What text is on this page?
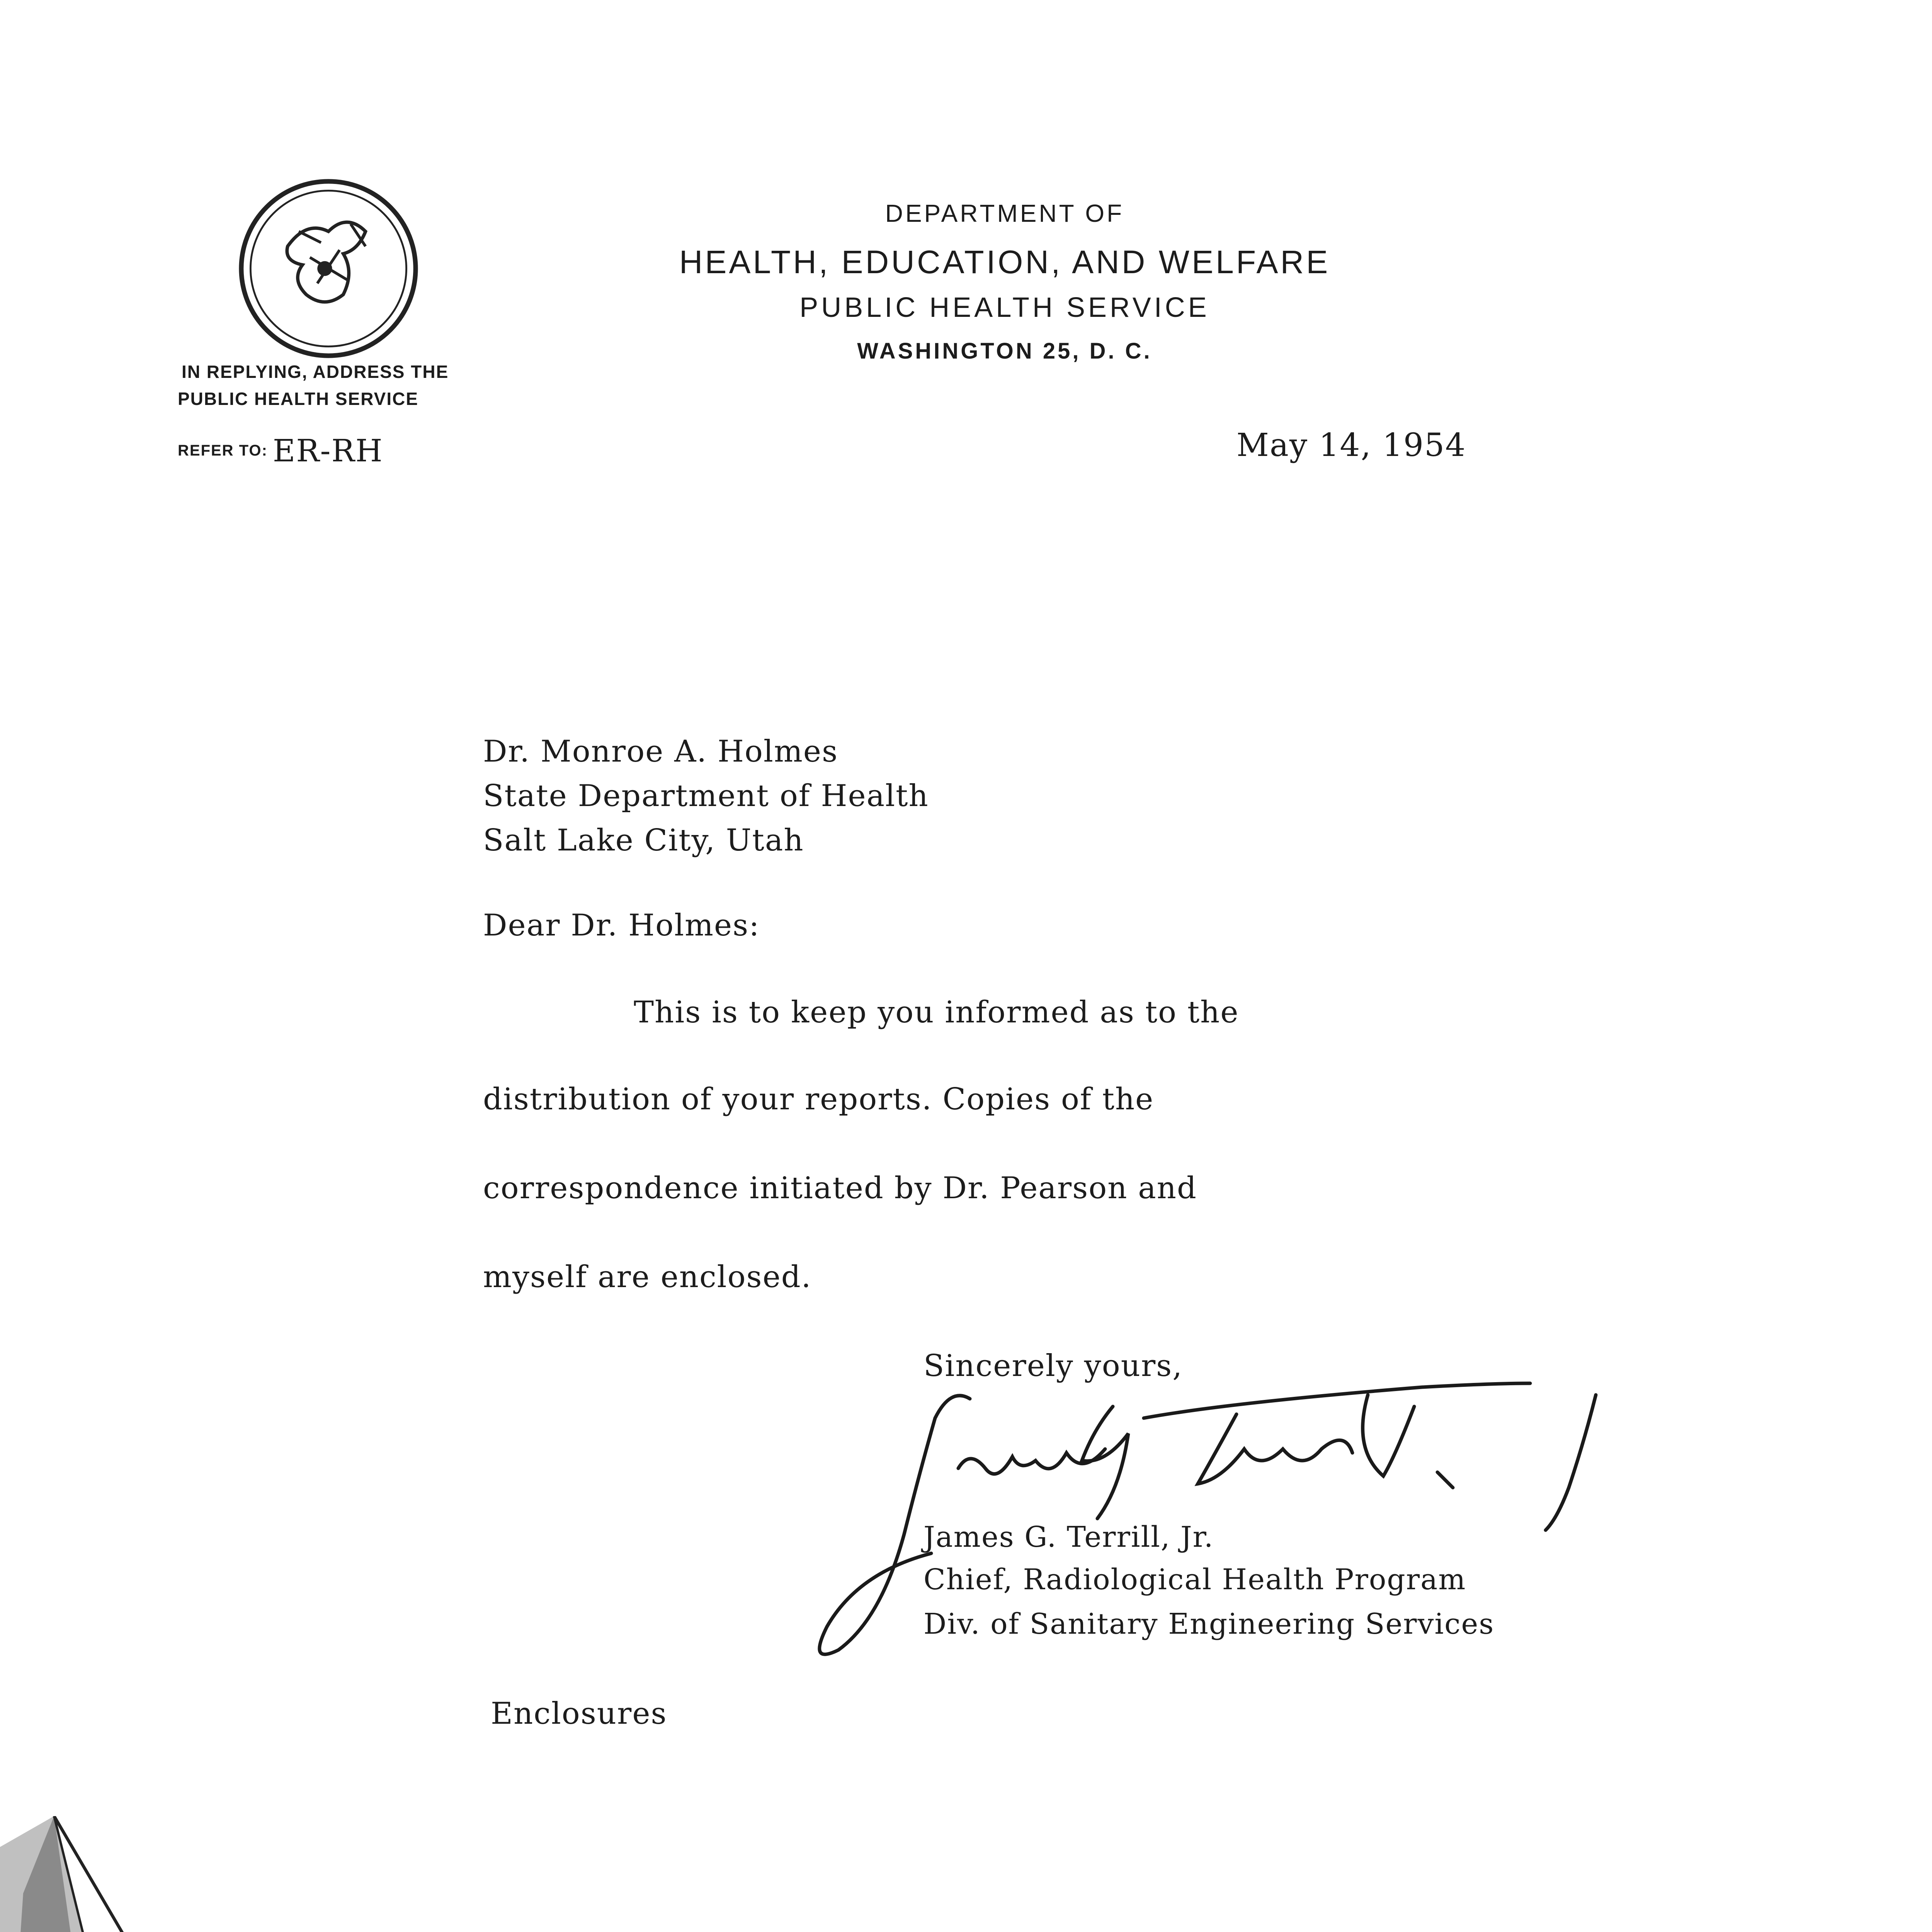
IN REPLYING, ADDRESS THE
PUBLIC HEALTH SERVICE
DEPARTMENT OF
HEALTH, EDUCATION, AND WELFARE
PUBLIC HEALTH SERVICE
WASHINGTON 25, D. C.
REFER TO: ER-RH	May 14, 1954
Dr. Monroe A. Holmes
State Department of Health
Salt Lake City, Utah
Dear Dr. Holmes:
This is to keep you informed as to the
distribution of your reports. Copies of the
correspondence initiated by Dr. Pearson and
myself are enclosed.
Sincerely yours,
James G. Terrill, Jr.
Chief, Radiological Health Program
Div. of Sanitary Engineering Services
Enclosures
